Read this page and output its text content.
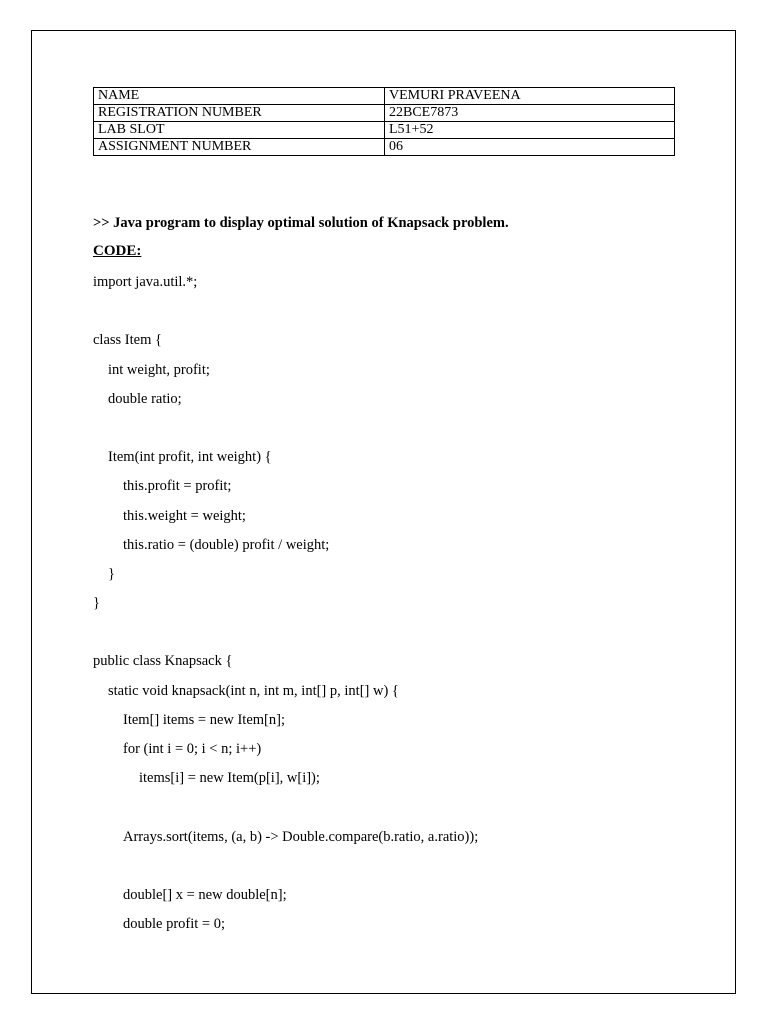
NAME	VEMURI PRAVEENA
REGISTRATION NUMBER	22BCE7873
LAB SLOT	L51+52
ASSIGNMENT NUMBER	06
>> Java program to display optimal solution of Knapsack problem.
CODE:
import java.util.*;
class Item {
int weight, profit;
double ratio;
Item(int profit, int weight) {
this.profit = profit;
this.weight = weight;
this.ratio = (double) profit / weight;
}
}
public class Knapsack {
static void knapsack(int n, int m, int[] p, int[] w) {
Item[] items = new Item[n];
for (int i = 0; i < n; i++)
items[i] = new Item(p[i], w[i]);
Arrays.sort(items, (a, b) -> Double.compare(b.ratio, a.ratio));
double[] x = new double[n];
double profit = 0;
